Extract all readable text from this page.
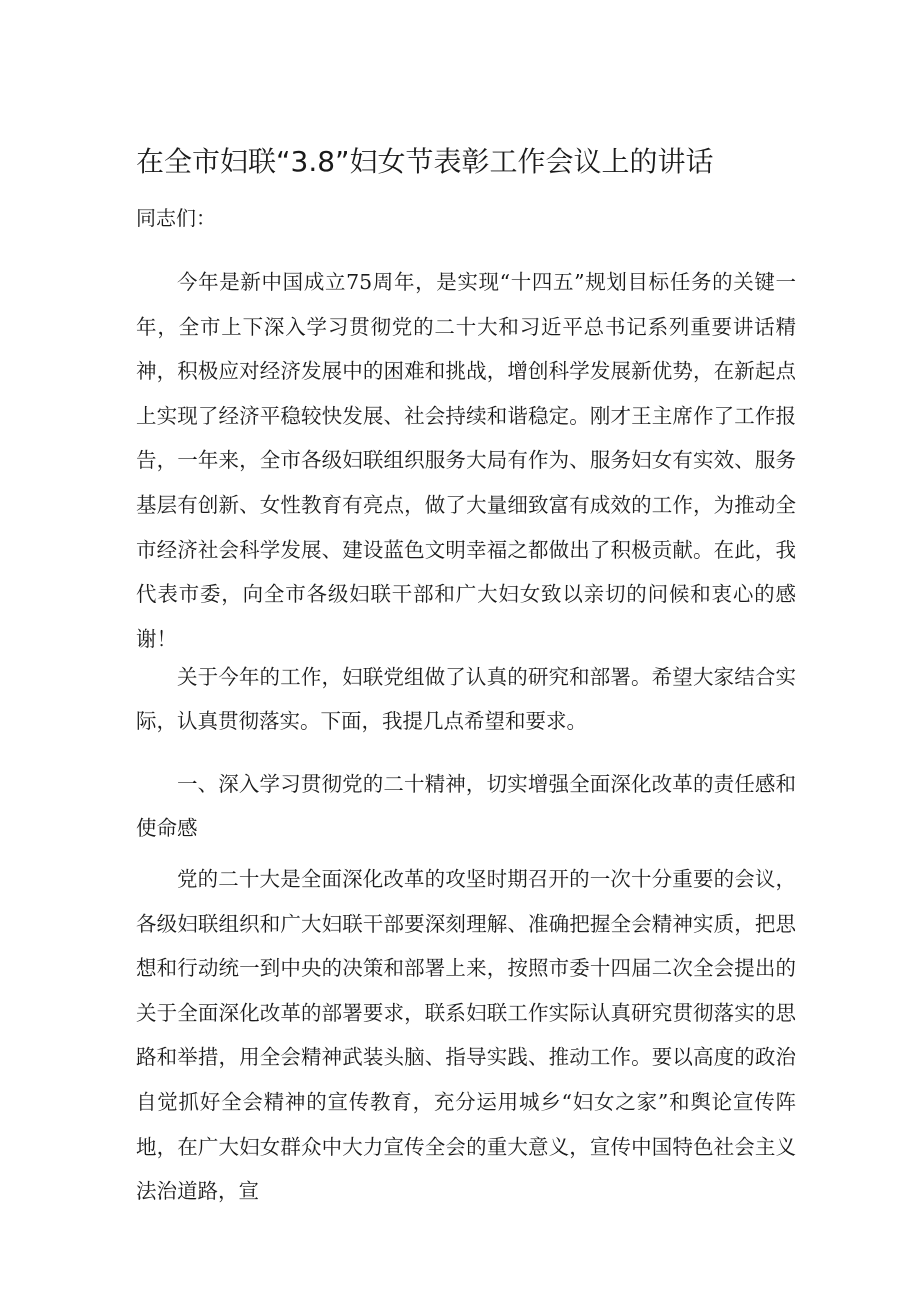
在全市妇联“3.8”妇女节表彰工作会议上的讲话

同志们：

今年是新中国成立75周年，是实现“十四五”规划目标任务的关键一年，全市上下深入学习贯彻党的二十大和习近平总书记系列重要讲话精神，积极应对经济发展中的困难和挑战，增创科学发展新优势，在新起点上实现了经济平稳较快发展、社会持续和谐稳定。刚才王主席作了工作报告，一年来，全市各级妇联组织服务大局有作为、服务妇女有实效、服务基层有创新、女性教育有亮点，做了大量细致富有成效的工作，为推动全市经济社会科学发展、建设蓝色文明幸福之都做出了积极贡献。在此，我代表市委，向全市各级妇联干部和广大妇女致以亲切的问候和衷心的感谢！

关于今年的工作，妇联党组做了认真的研究和部署。希望大家结合实际，认真贯彻落实。下面，我提几点希望和要求。

一、深入学习贯彻党的二十精神，切实增强全面深化改革的责任感和使命感

党的二十大是全面深化改革的攻坚时期召开的一次十分重要的会议，各级妇联组织和广大妇联干部要深刻理解、准确把握全会精神实质，把思想和行动统一到中央的决策和部署上来，按照市委十四届二次全会提出的关于全面深化改革的部署要求，联系妇联工作实际认真研究贯彻落实的思路和举措，用全会精神武装头脑、指导实践、推动工作。要以高度的政治自觉抓好全会精神的宣传教育，充分运用城乡“妇女之家”和舆论宣传阵地，在广大妇女群众中大力宣传全会的重大意义，宣传中国特色社会主义法治道路，宣
